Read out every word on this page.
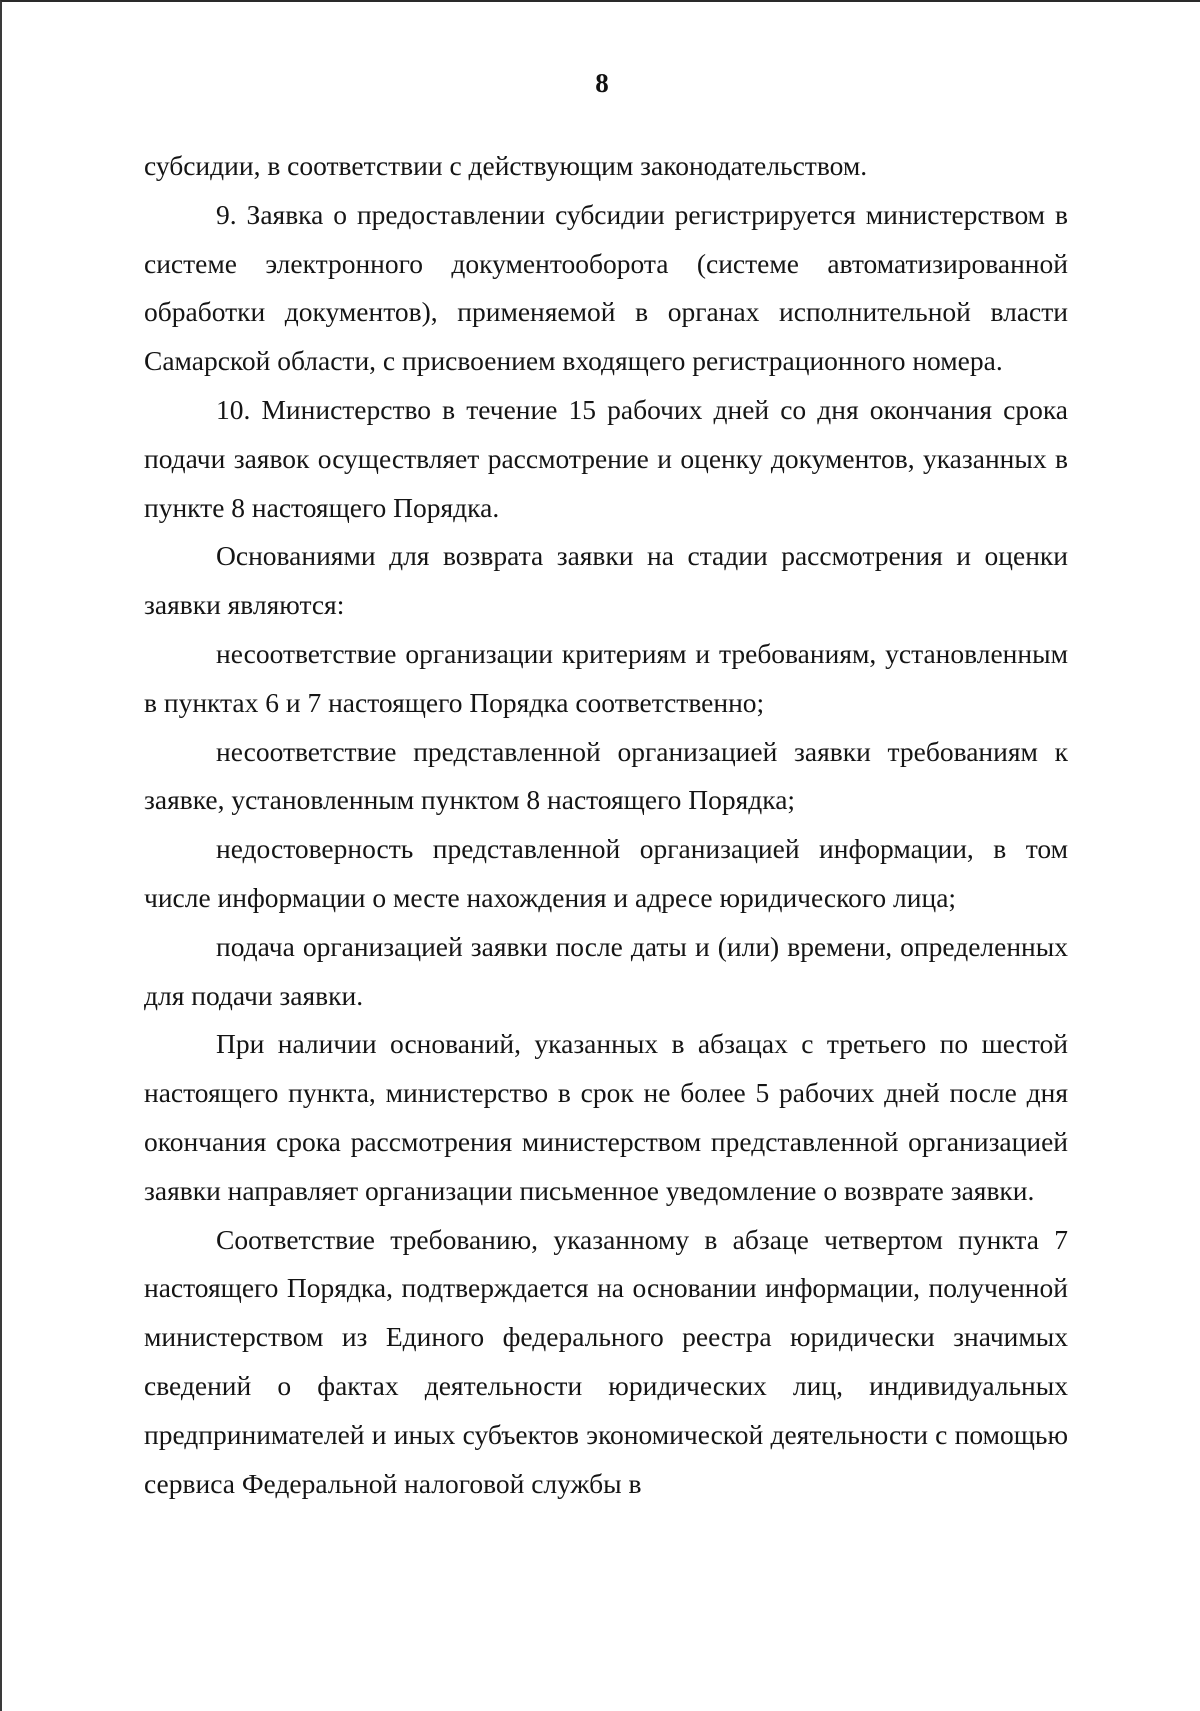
8

субсидии, в соответствии с действующим законодательством.

9. Заявка о предоставлении субсидии регистрируется министерством в системе электронного документооборота (системе автоматизированной обработки документов), применяемой в органах исполнительной власти Самарской области, с присвоением входящего регистрационного номера.

10. Министерство в течение 15 рабочих дней со дня окончания срока подачи заявок осуществляет рассмотрение и оценку документов, указанных в пункте 8 настоящего Порядка.

Основаниями для возврата заявки на стадии рассмотрения и оценки заявки являются:

несоответствие организации критериям и требованиям, установленным в пунктах 6 и 7 настоящего Порядка соответственно;

несоответствие представленной организацией заявки требованиям к заявке, установленным пунктом 8 настоящего Порядка;

недостоверность представленной организацией информации, в том числе информации о месте нахождения и адресе юридического лица;

подача организацией заявки после даты и (или) времени, определенных для подачи заявки.

При наличии оснований, указанных в абзацах с третьего по шестой настоящего пункта, министерство в срок не более 5 рабочих дней после дня окончания срока рассмотрения министерством представленной организацией заявки направляет организации письменное уведомление о возврате заявки.

Соответствие требованию, указанному в абзаце четвертом пункта 7 настоящего Порядка, подтверждается на основании информации, полученной министерством из Единого федерального реестра юридически значимых сведений о фактах деятельности юридических лиц, индивидуальных предпринимателей и иных субъектов экономической деятельности с помощью сервиса Федеральной налоговой службы в
